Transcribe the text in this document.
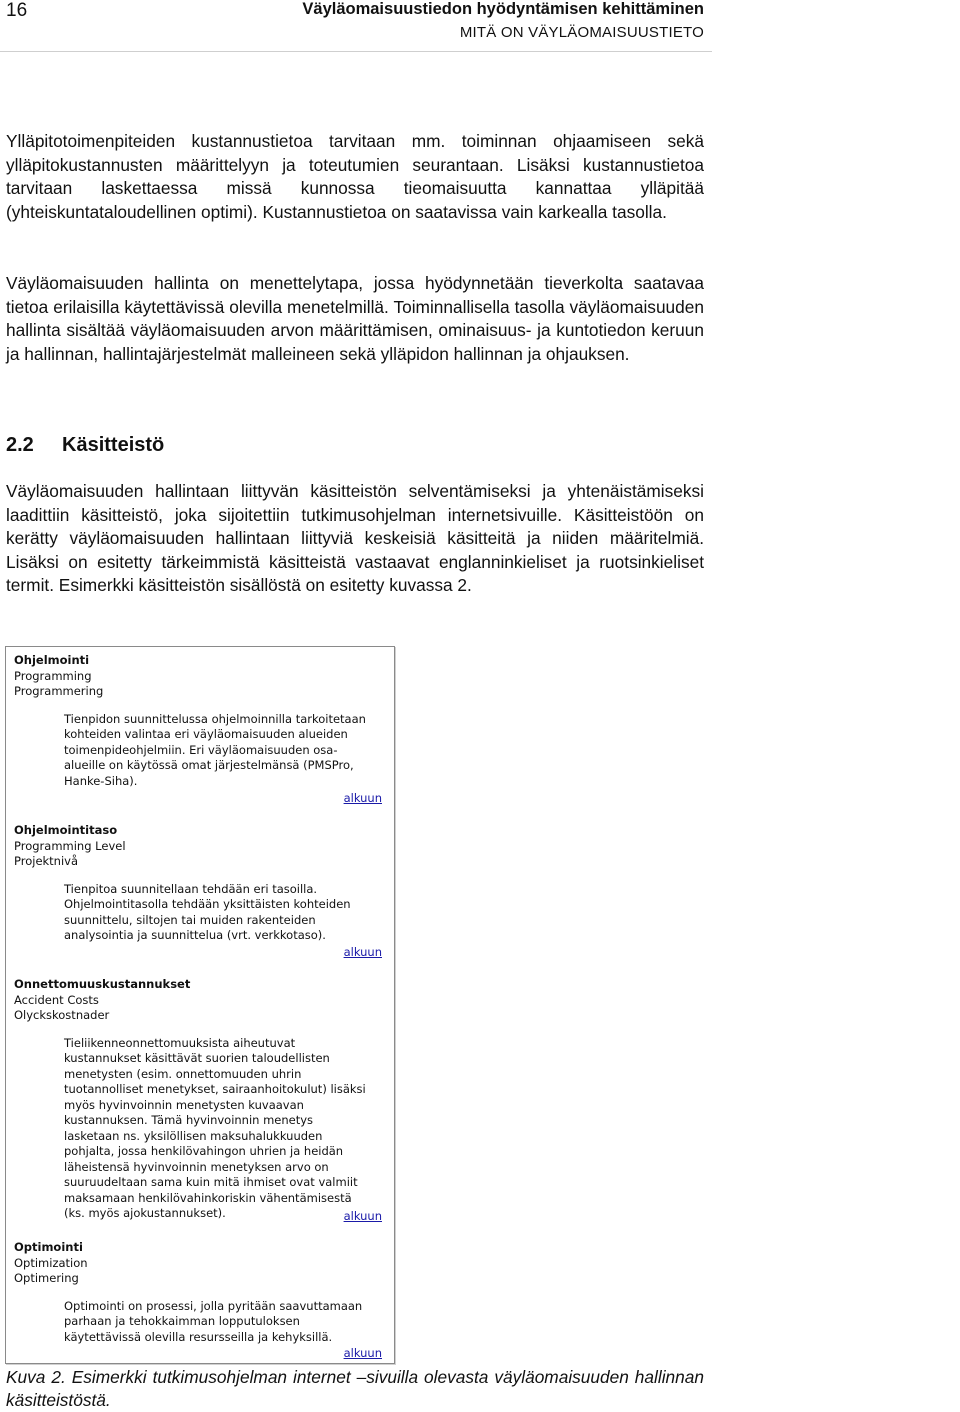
16	Väyläomaisuustiedon hyödyntämisen kehittäminen
MITÄ ON VÄYLÄOMAISUUSTIETO

Ylläpitotoimenpiteiden kustannustietoa tarvitaan mm. toiminnan ohjaamiseen sekä ylläpitokustannusten määrittelyyn ja toteutumien seurantaan. Lisäksi kustannustietoa tarvitaan laskettaessa missä kunnossa tieomaisuutta kannattaa ylläpitää (yhteiskuntataloudellinen optimi). Kustannustietoa on saatavissa vain karkealla tasolla.

Väyläomaisuuden hallinta on menettelytapa, jossa hyödynnetään tieverkolta saatavaa tietoa erilaisilla käytettävissä olevilla menetelmillä. Toiminnallisella tasolla väyläomaisuuden hallinta sisältää väyläomaisuuden arvon määrittämisen, ominaisuus- ja kuntotiedon keruun ja hallinnan, hallintajärjestelmät malleineen sekä ylläpidon hallinnan ja ohjauksen.

2.2 Käsitteistö

Väyläomaisuuden hallintaan liittyvän käsitteistön selventämiseksi ja yhtenäistämiseksi laadittiin käsitteistö, joka sijoitettiin tutkimusohjelman internetsivuille. Käsitteistöön on kerätty väyläomaisuuden hallintaan liittyviä keskeisiä käsitteitä ja niiden määritelmiä. Lisäksi on esitetty tärkeimmistä käsitteistä vastaavat englanninkieliset ja ruotsinkieliset termit. Esimerkki käsitteistön sisällöstä on esitetty kuvassa 2.

Ohjelmointi
Programming
Programmering
Tienpidon suunnittelussa ohjelmoinnilla tarkoitetaan kohteiden valintaa eri väyläomaisuuden alueiden toimenpideohjelmiin. Eri väyläomaisuuden osa-alueille on käytössä omat järjestelmänsä (PMSPro, Hanke-Siha).
alkuun
Ohjelmointitaso
Programming Level
Projektnivå
Tienpitoa suunnitellaan tehdään eri tasoilla. Ohjelmointitasolla tehdään yksittäisten kohteiden suunnittelu, siltojen tai muiden rakenteiden analysointia ja suunnittelua (vrt. verkkotaso).
alkuun
Onnettomuuskustannukset
Accident Costs
Olyckskostnader
Tieliikenneonnettomuuksista aiheutuvat kustannukset käsittävät suorien taloudellisten menetysten (esim. onnettomuuden uhrin tuotannolliset menetykset, sairaanhoitokulut) lisäksi myös hyvinvoinnin menetysten kuvaavan kustannuksen. Tämä hyvinvoinnin menetys lasketaan ns. yksilöllisen maksuhalukkuuden pohjalta, jossa henkilövahingon uhrien ja heidän läheistensä hyvinvoinnin menetyksen arvo on suuruudeltaan sama kuin mitä ihmiset ovat valmiit maksamaan henkilövahinkoriskin vähentämisestä (ks. myös ajokustannukset).	alkuun
Optimointi
Optimization
Optimering
Optimointi on prosessi, jolla pyritään saavuttamaan parhaan ja tehokkaimman lopputuloksen käytettävissä olevilla resursseilla ja kehyksillä.
alkuun

Kuva 2. Esimerkki tutkimusohjelman internet –sivuilla olevasta väyläomaisuuden hallinnan käsitteistöstä.
